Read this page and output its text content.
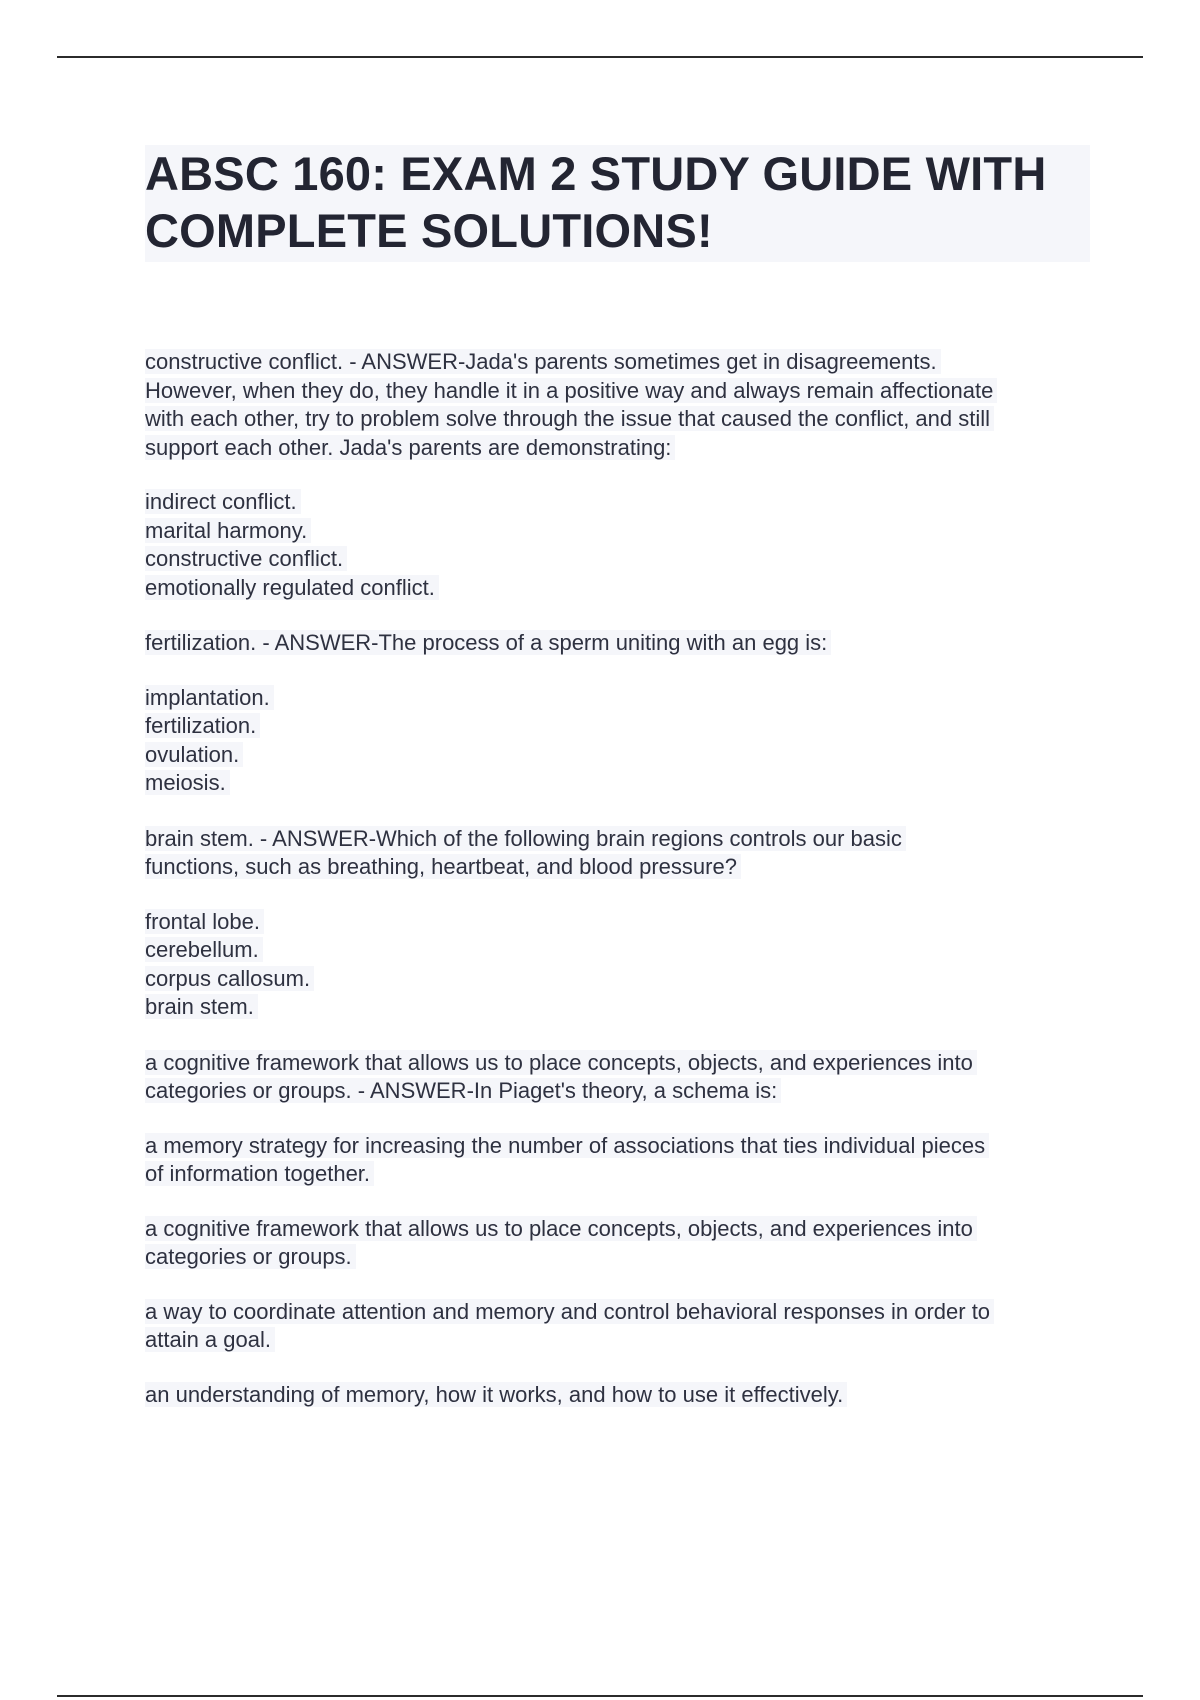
ABSC 160: EXAM 2 STUDY GUIDE WITH
COMPLETE SOLUTIONS!
constructive conflict. - ANSWER-Jada's parents sometimes get in disagreements.
However, when they do, they handle it in a positive way and always remain affectionate
with each other, try to problem solve through the issue that caused the conflict, and still
support each other. Jada's parents are demonstrating:
indirect conflict.
marital harmony.
constructive conflict.
emotionally regulated conflict.
fertilization. - ANSWER-The process of a sperm uniting with an egg is:
implantation.
fertilization.
ovulation.
meiosis.
brain stem. - ANSWER-Which of the following brain regions controls our basic
functions, such as breathing, heartbeat, and blood pressure?
frontal lobe.
cerebellum.
corpus callosum.
brain stem.
a cognitive framework that allows us to place concepts, objects, and experiences into
categories or groups. - ANSWER-In Piaget's theory, a schema is:
a memory strategy for increasing the number of associations that ties individual pieces
of information together.
a cognitive framework that allows us to place concepts, objects, and experiences into
categories or groups.
a way to coordinate attention and memory and control behavioral responses in order to
attain a goal.
an understanding of memory, how it works, and how to use it effectively.
